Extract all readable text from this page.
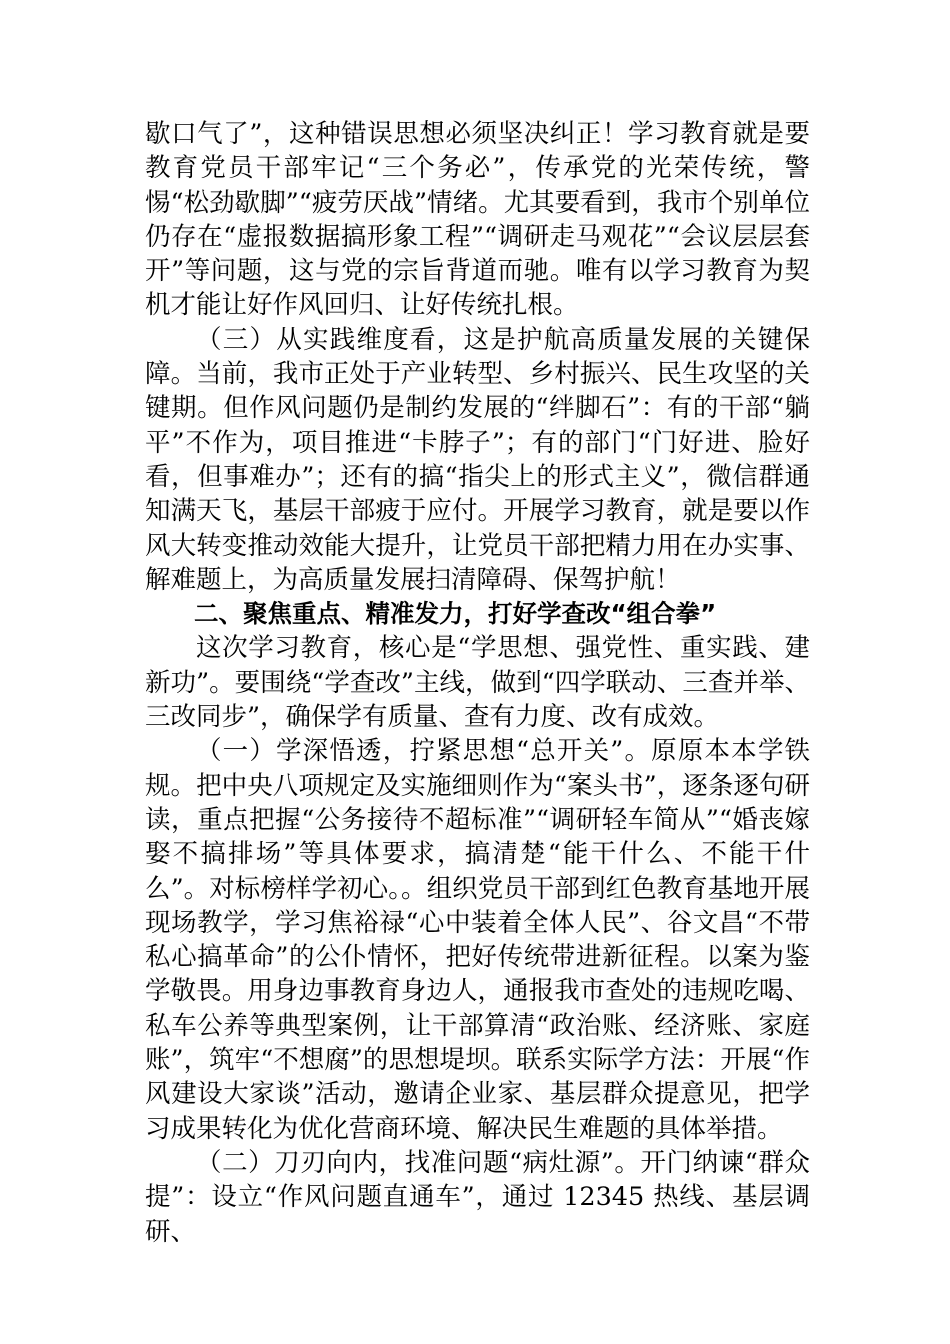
歇口气了”，这种错误思想必须坚决纠正！学习教育就是要教育党员干部牢记“三个务必”，传承党的光荣传统，警惕“松劲歇脚”“疲劳厌战”情绪。尤其要看到，我市个别单位仍存在“虚报数据搞形象工程”“调研走马观花”“会议层层套开”等问题，这与党的宗旨背道而驰。唯有以学习教育为契机才能让好作风回归、让好传统扎根。

（三）从实践维度看，这是护航高质量发展的关键保障。当前，我市正处于产业转型、乡村振兴、民生攻坚的关键期。但作风问题仍是制约发展的“绊脚石”：有的干部“躺平”不作为，项目推进“卡脖子”；有的部门“门好进、脸好看，但事难办”；还有的搞“指尖上的形式主义”，微信群通知满天飞，基层干部疲于应付。开展学习教育，就是要以作风大转变推动效能大提升，让党员干部把精力用在办实事、解难题上，为高质量发展扫清障碍、保驾护航！

二、聚焦重点、精准发力，打好学查改“组合拳”

这次学习教育，核心是“学思想、强党性、重实践、建新功”。要围绕“学查改”主线，做到“四学联动、三查并举、三改同步”，确保学有质量、查有力度、改有成效。

（一）学深悟透，拧紧思想“总开关”。原原本本学铁规。把中央八项规定及实施细则作为“案头书”，逐条逐句研读，重点把握“公务接待不超标准”“调研轻车简从”“婚丧嫁娶不搞排场”等具体要求，搞清楚“能干什么、不能干什么”。对标榜样学初心。。组织党员干部到红色教育基地开展现场教学，学习焦裕禄“心中装着全体人民”、谷文昌“不带私心搞革命”的公仆情怀，把好传统带进新征程。以案为鉴学敬畏。用身边事教育身边人，通报我市查处的违规吃喝、私车公养等典型案例，让干部算清“政治账、经济账、家庭账”，筑牢“不想腐”的思想堤坝。联系实际学方法：开展“作风建设大家谈”活动，邀请企业家、基层群众提意见，把学习成果转化为优化营商环境、解决民生难题的具体举措。

（二）刀刃向内，找准问题“病灶源”。开门纳谏“群众提”：设立“作风问题直通车”，通过 12345 热线、基层调研、
